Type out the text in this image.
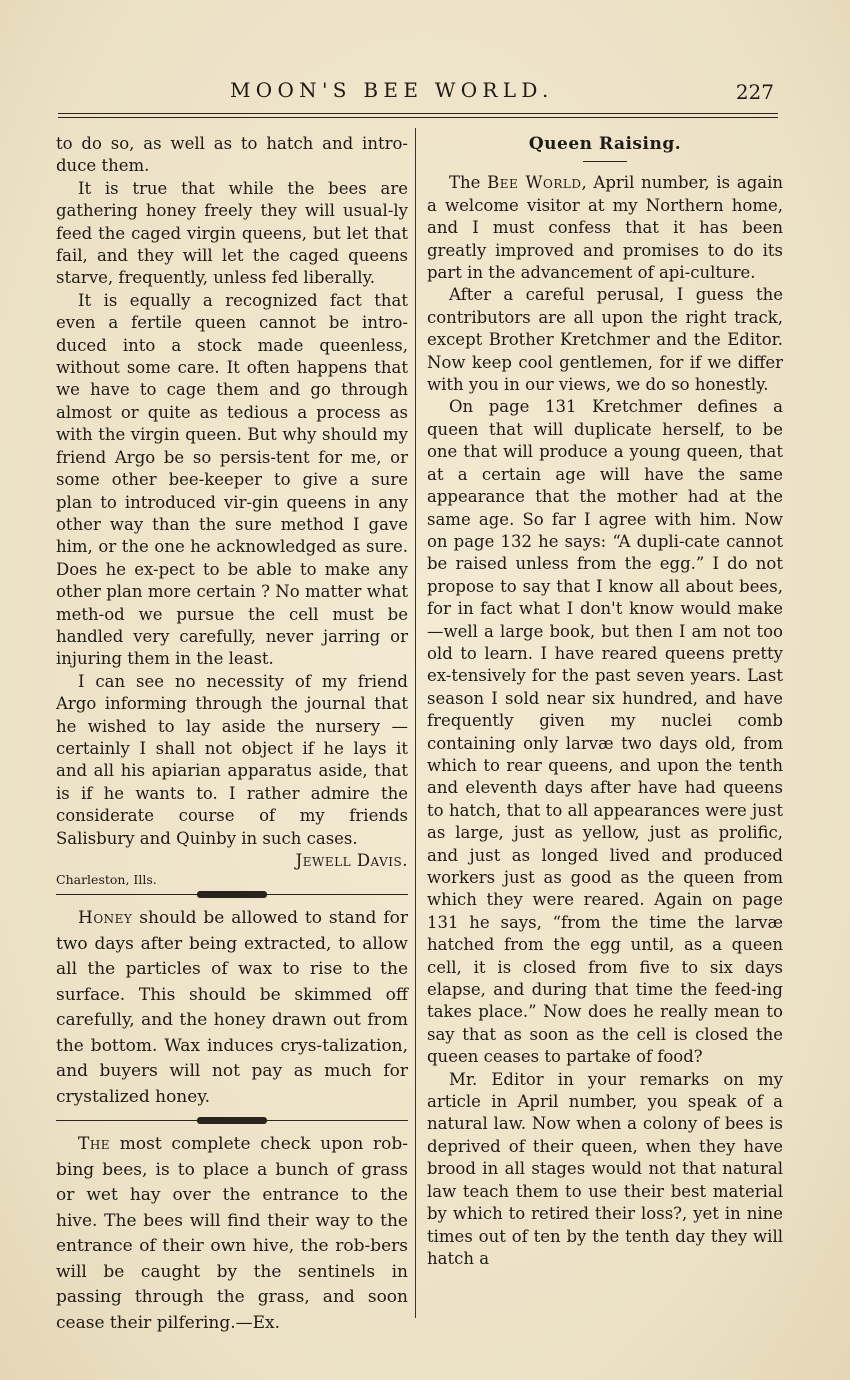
MOON'S BEE WORLD.	227

to do so, as well as to hatch and intro-duce them.

It is true that while the bees are gathering honey freely they will usual-ly feed the caged virgin queens, but let that fail, and they will let the caged queens starve, frequently, unless fed liberally.

It is equally a recognized fact that even a fertile queen cannot be intro-duced into a stock made queenless, without some care. It often happens that we have to cage them and go through almost or quite as tedious a process as with the virgin queen. But why should my friend Argo be so persis-tent for me, or some other bee-keeper to give a sure plan to introduced vir-gin queens in any other way than the sure method I gave him, or the one he acknowledged as sure. Does he ex-pect to be able to make any other plan more certain ? No matter what meth-od we pursue the cell must be handled very carefully, never jarring or injuring them in the least.

I can see no necessity of my friend Argo informing through the journal that he wished to lay aside the nursery —certainly I shall not object if he lays it and all his apiarian apparatus aside, that is if he wants to. I rather admire the considerate course of my friends Salisbury and Quinby in such cases.

Jewell Davis.

Charleston, Ills.

Honey should be allowed to stand for two days after being extracted, to allow all the particles of wax to rise to the surface. This should be skimmed off carefully, and the honey drawn out from the bottom. Wax induces crys-talization, and buyers will not pay as much for crystalized honey.

The most complete check upon rob-bing bees, is to place a bunch of grass or wet hay over the entrance to the hive. The bees will find their way to the entrance of their own hive, the rob-bers will be caught by the sentinels in passing through the grass, and soon cease their pilfering.—Ex.

Queen Raising.

The Bee World, April number, is again a welcome visitor at my Northern home, and I must confess that it has been greatly improved and promises to do its part in the advancement of api-culture.

After a careful perusal, I guess the contributors are all upon the right track, except Brother Kretchmer and the Editor. Now keep cool gentlemen, for if we differ with you in our views, we do so honestly.

On page 131 Kretchmer defines a queen that will duplicate herself, to be one that will produce a young queen, that at a certain age will have the same appearance that the mother had at the same age. So far I agree with him. Now on page 132 he says: “A dupli-cate cannot be raised unless from the egg.” I do not propose to say that I know all about bees, for in fact what I don't know would make—well a large book, but then I am not too old to learn. I have reared queens pretty ex-tensively for the past seven years. Last season I sold near six hundred, and have frequently given my nuclei comb containing only larvæ two days old, from which to rear queens, and upon the tenth and eleventh days after have had queens to hatch, that to all appearances were just as large, just as yellow, just as prolific, and just as longed lived and produced workers just as good as the queen from which they were reared. Again on page 131 he says, “from the time the larvæ hatched from the egg until, as a queen cell, it is closed from five to six days elapse, and during that time the feed-ing takes place.” Now does he really mean to say that as soon as the cell is closed the queen ceases to partake of food?

Mr. Editor in your remarks on my article in April number, you speak of a natural law. Now when a colony of bees is deprived of their queen, when they have brood in all stages would not that natural law teach them to use their best material by which to retired their loss?, yet in nine times out of ten by the tenth day they will hatch a
